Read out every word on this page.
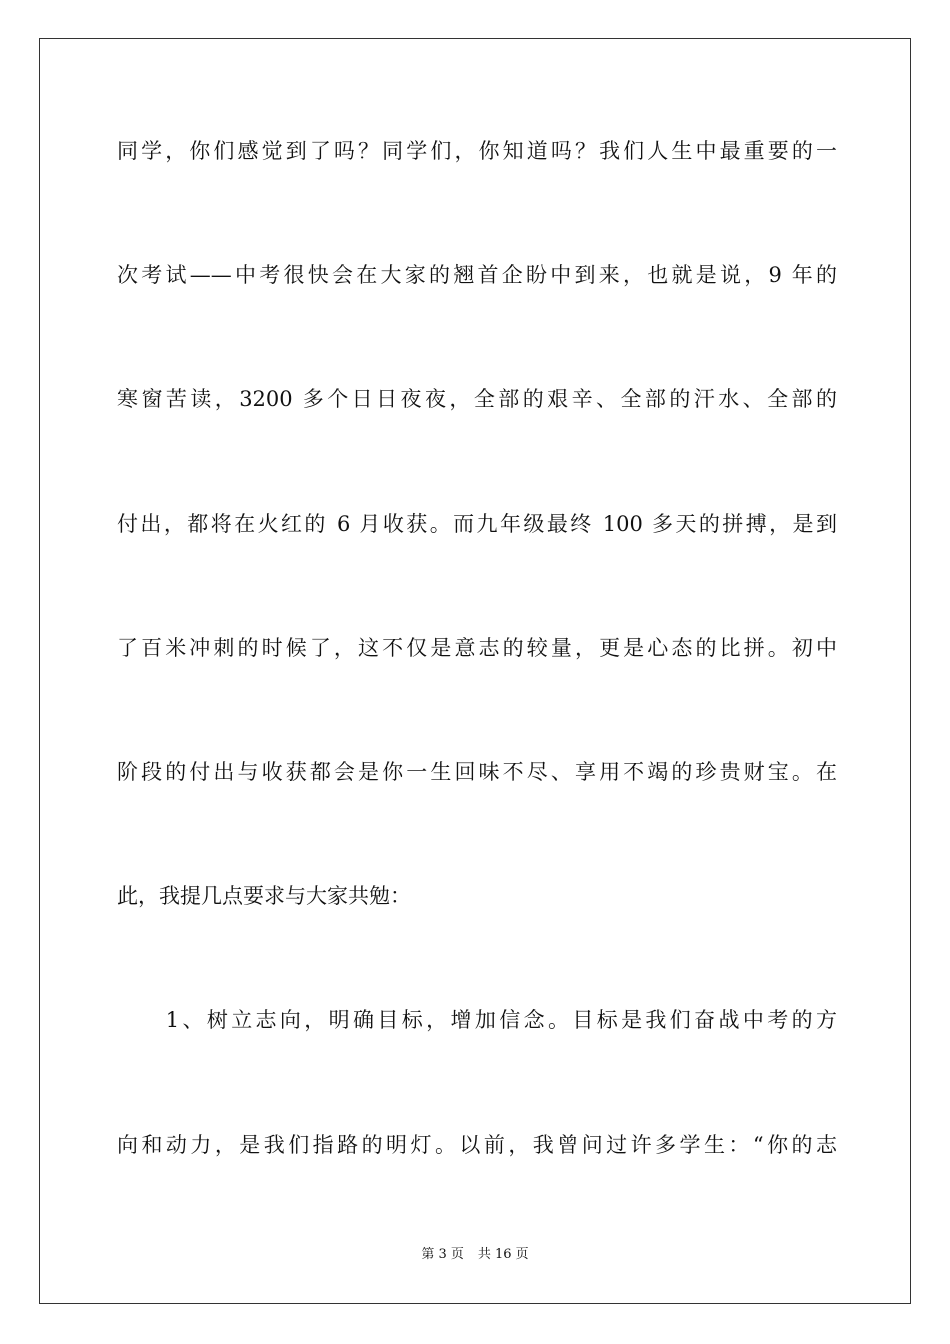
同学，你们感觉到了吗？同学们，你知道吗？我们人生中最重要的一
次考试——中考很快会在大家的翘首企盼中到来，也就是说，9 年的
寒窗苦读，3200 多个日日夜夜，全部的艰辛、全部的汗水、全部的
付出，都将在火红的 6 月收获。而九年级最终 100 多天的拼搏，是到
了百米冲刺的时候了，这不仅是意志的较量，更是心态的比拼。初中
阶段的付出与收获都会是你一生回味不尽、享用不竭的珍贵财宝。在
此，我提几点要求与大家共勉：
　　1、树立志向，明确目标，增加信念。目标是我们奋战中考的方
向和动力，是我们指路的明灯。以前，我曾问过许多学生：“你的志
第 3 页 共 16 页
